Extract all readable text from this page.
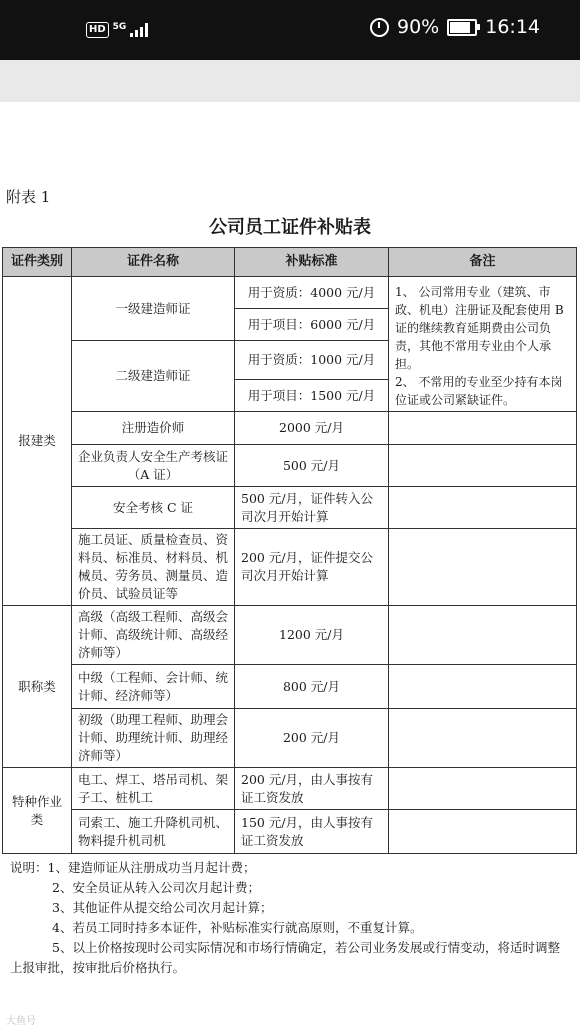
HD 5G	90% 16:14
附表 1
公司员工证件补贴表
证件类别	证件名称	补贴标准	备注
报建类	一级建造师证	用于资质：4000 元/月	1、 公司常用专业（建筑、市政、机电）注册证及配套使用 B 证的继续教育延期费由公司负责，其他不常用专业由个人承担。
2、 不常用的专业至少持有本岗位证或公司紧缺证件。

		用于项目：6000 元/月	
	二级建造师证	用于资质：1000 元/月	
		用于项目：1500 元/月	
	注册造价师	2000 元/月	
	企业负责人安全生产考核证（A 证）	500 元/月	
	安全考核 C 证	500 元/月，证件转入公司次月开始计算	
	施工员证、质量检查员、资料员、标准员、材料员、机械员、劳务员、测量员、造价员、试验员证等	200 元/月，证件提交公司次月开始计算	
职称类	高级（高级工程师、高级会计师、高级统计师、高级经济师等）	1200 元/月	
	中级（工程师、会计师、统计师、经济师等）	800 元/月	
	初级（助理工程师、助理会计师、助理统计师、助理经济师等）	200 元/月	
特种作业类	电工、焊工、塔吊司机、架子工、桩机工	200 元/月，由人事按有证工资发放	
	司索工、施工升降机司机、物料提升机司机	150 元/月，由人事按有证工资发放	

说明：1、建造师证从注册成功当月起计费；

2、安全员证从转入公司次月起计费；

3、其他证件从提交给公司次月起计算；

4、若员工同时持多本证件，补贴标准实行就高原则，不重复计算。

5、以上价格按现时公司实际情况和市场行情确定，若公司业务发展或行情变动，将适时调整上报审批，按审批后价格执行。

大鱼号
